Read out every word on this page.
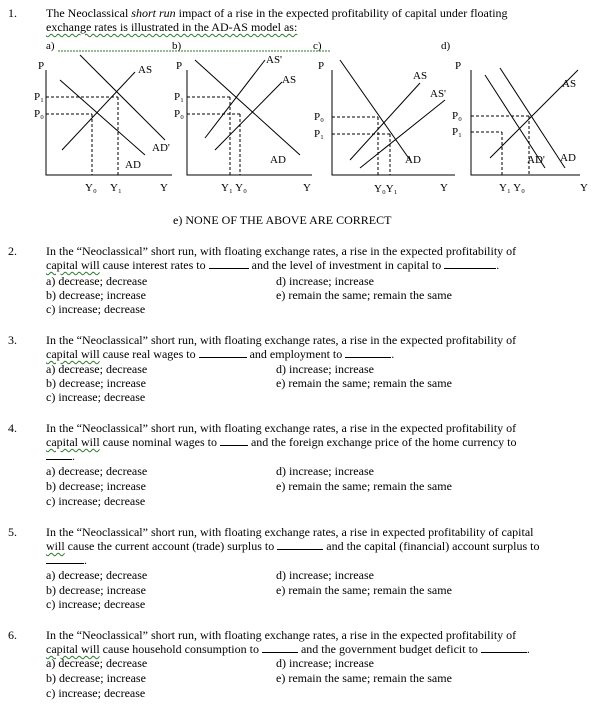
1. The Neoclassical short run impact of a rise in the expected profitability of capital under floating
exchange rates is illustrated in the AD-AS model as:
a)	b)	c)	d)
P
P₁
P₀
AS
AD'
AD
Y₀ Y₁	Y
P
P₁
P₀
AS'
AS
AD
Y₁ Y₀	Y
P
P₀
P₁
AS
AS'
AD
Y₀Y₁	Y
P
P₀
P₁
AS
AD' AD
Y₁ Y₀	Y
e) NONE OF THE ABOVE ARE CORRECT
2. In the “Neoclassical” short run, with floating exchange rates, a rise in the expected profitability of
capital will cause interest rates to	and the level of investment in capital to	.
a) decrease; decrease
b) decrease; increase
c) increase; decrease
d) increase; increase
e) remain the same; remain the same
3. In the “Neoclassical” short run, with floating exchange rates, a rise in the expected profitability of
capital will cause real wages to	and employment to	.
a) decrease; decrease
b) decrease; increase
c) increase; decrease
d) increase; increase
e) remain the same; remain the same
4. In the “Neoclassical” short run, with floating exchange rates, a rise in the expected profitability of
capital will cause nominal wages to  and the foreign exchange price of the home currency to
.
a) decrease; decrease
b) decrease; increase
c) increase; decrease
d) increase; increase
e) remain the same; remain the same
5. In the “Neoclassical” short run, with floating exchange rates, a rise in expected profitability of capital
will cause the current account (trade) surplus to	and the capital (financial) account surplus to
.
a) decrease; decrease
b) decrease; increase
c) increase; decrease
d) increase; increase
e) remain the same; remain the same
6. In the “Neoclassical” short run, with floating exchange rates, a rise in the expected profitability of
capital will cause household consumption to	and the government budget deficit to	.
a) decrease; decrease
b) decrease; increase
c) increase; decrease
d) increase; increase
e) remain the same; remain the same
